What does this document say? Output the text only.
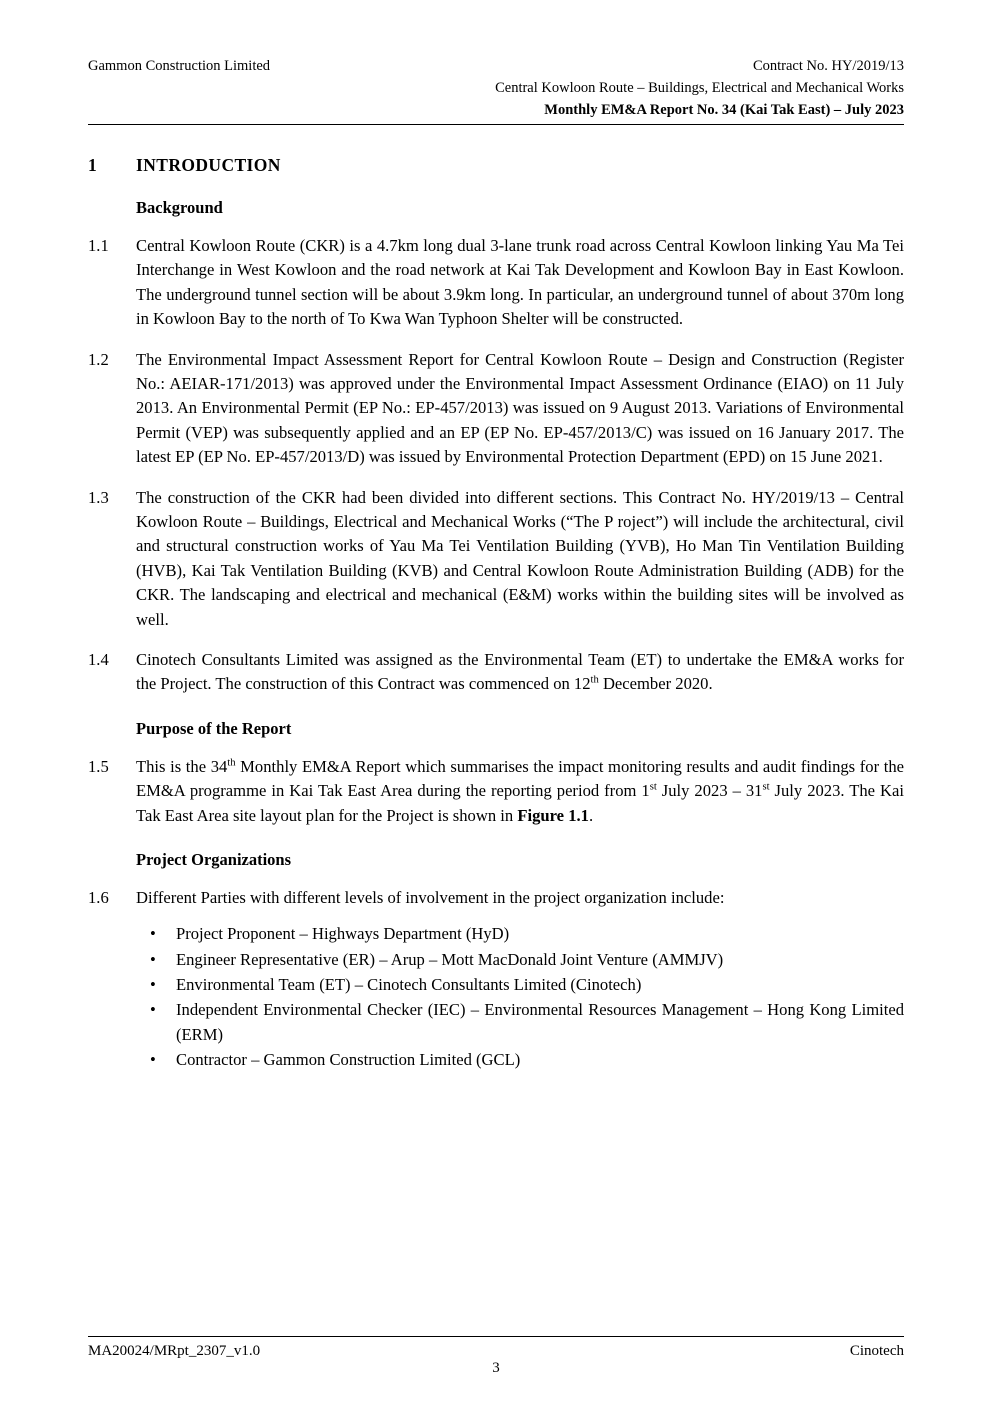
Gammon Construction Limited	Contract No. HY/2019/13
Central Kowloon Route – Buildings, Electrical and Mechanical Works
Monthly EM&A Report No. 34 (Kai Tak East) – July 2023
1	INTRODUCTION
Background
1.1	Central Kowloon Route (CKR) is a 4.7km long dual 3-lane trunk road across Central Kowloon linking Yau Ma Tei Interchange in West Kowloon and the road network at Kai Tak Development and Kowloon Bay in East Kowloon. The underground tunnel section will be about 3.9km long. In particular, an underground tunnel of about 370m long in Kowloon Bay to the north of To Kwa Wan Typhoon Shelter will be constructed.
1.2	The Environmental Impact Assessment Report for Central Kowloon Route – Design and Construction (Register No.: AEIAR-171/2013) was approved under the Environmental Impact Assessment Ordinance (EIAO) on 11 July 2013. An Environmental Permit (EP No.: EP-457/2013) was issued on 9 August 2013. Variations of Environmental Permit (VEP) was subsequently applied and an EP (EP No. EP-457/2013/C) was issued on 16 January 2017. The latest EP (EP No. EP-457/2013/D) was issued by Environmental Protection Department (EPD) on 15 June 2021.
1.3	The construction of the CKR had been divided into different sections. This Contract No. HY/2019/13 – Central Kowloon Route – Buildings, Electrical and Mechanical Works (“The P roject”) will include the architectural, civil and structural construction works of Yau Ma Tei Ventilation Building (YVB), Ho Man Tin Ventilation Building (HVB), Kai Tak Ventilation Building (KVB) and Central Kowloon Route Administration Building (ADB) for the CKR. The landscaping and electrical and mechanical (E&M) works within the building sites will be involved as well.
1.4	Cinotech Consultants Limited was assigned as the Environmental Team (ET) to undertake the EM&A works for the Project. The construction of this Contract was commenced on 12th December 2020.
Purpose of the Report
1.5	This is the 34th Monthly EM&A Report which summarises the impact monitoring results and audit findings for the EM&A programme in Kai Tak East Area during the reporting period from 1st July 2023 – 31st July 2023. The Kai Tak East Area site layout plan for the Project is shown in Figure 1.1.
Project Organizations
1.6	Different Parties with different levels of involvement in the project organization include:
•	Project Proponent – Highways Department (HyD)
•	Engineer Representative (ER) – Arup – Mott MacDonald Joint Venture (AMMJV)
•	Environmental Team (ET) – Cinotech Consultants Limited (Cinotech)
•	Independent Environmental Checker (IEC) – Environmental Resources Management – Hong Kong Limited (ERM)
•	Contractor – Gammon Construction Limited (GCL)
MA20024/MRpt_2307_v1.0	Cinotech
3
